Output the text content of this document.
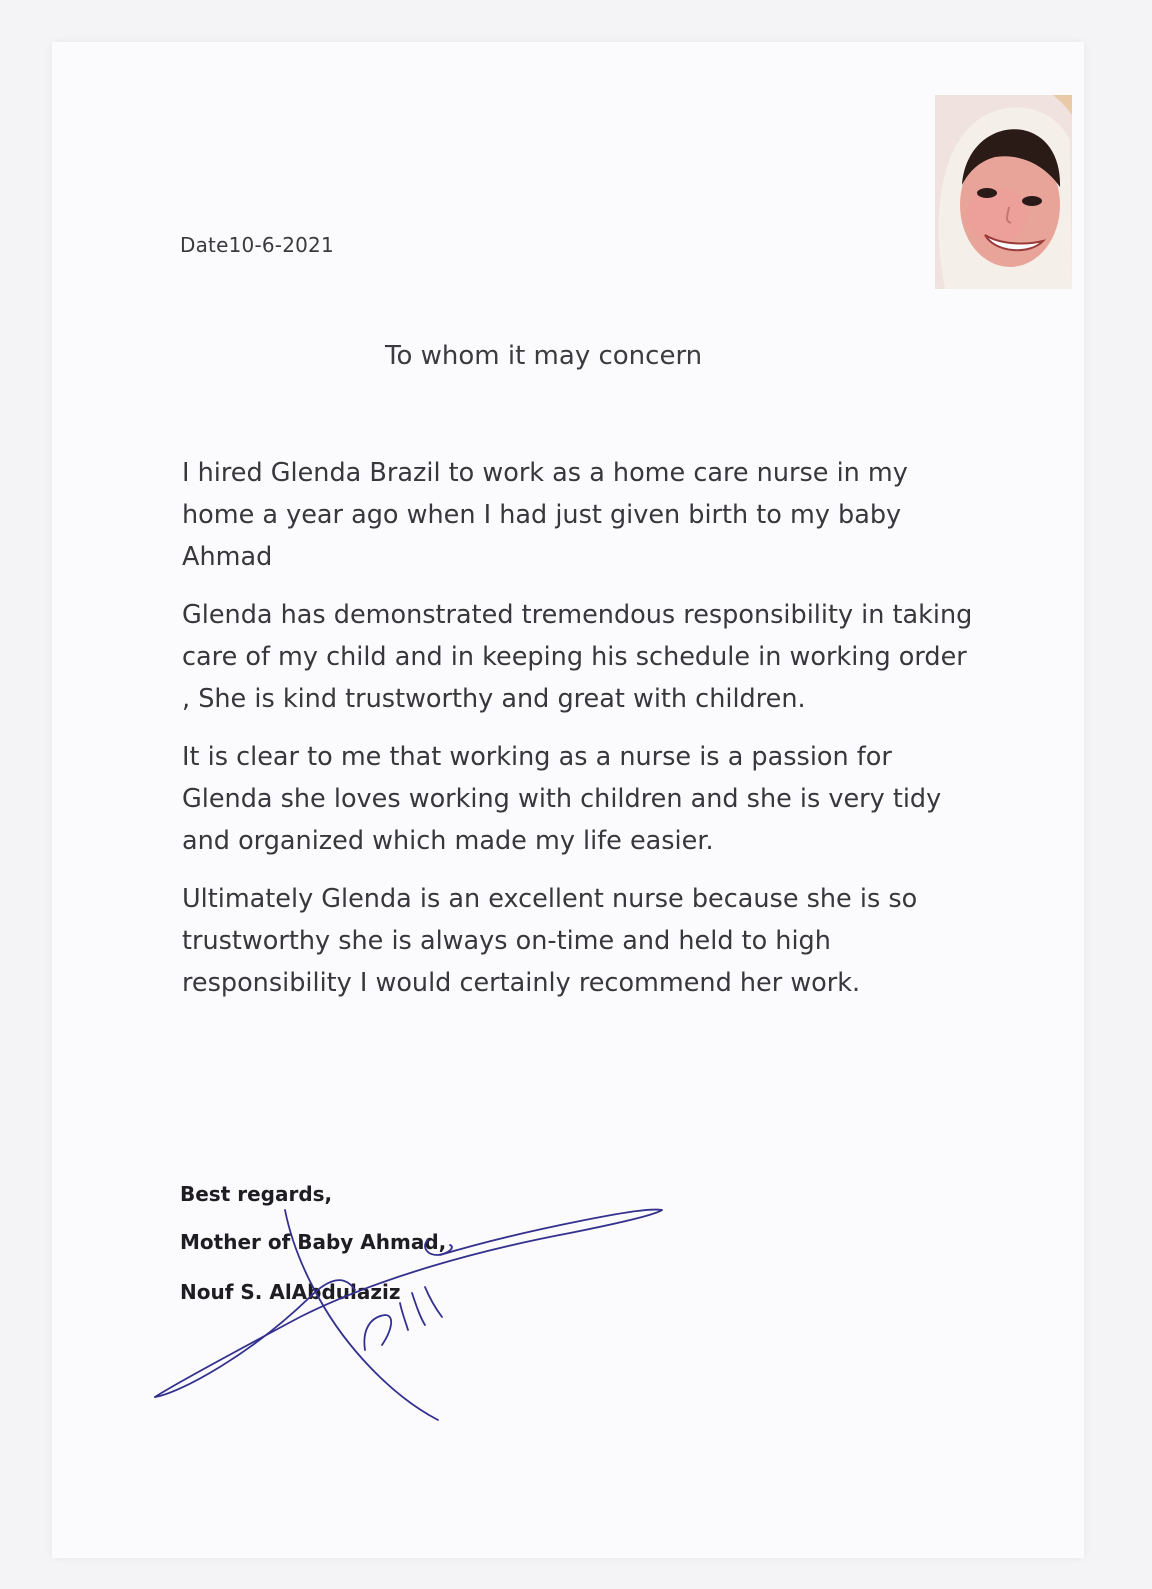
Date10-6-2021
To whom it may concern

I hired Glenda Brazil to work as a home care nurse in my home a year ago when I had just given birth to my baby Ahmad

Glenda has demonstrated tremendous responsibility in taking care of my child and in keeping his schedule in working order , She is kind trustworthy and great with children.

It is clear to me that working as a nurse is a passion for Glenda she loves working with children and she is very tidy and organized which made my life easier.

Ultimately Glenda is an excellent nurse because she is so trustworthy she is always on-time and held to high responsibility I would certainly recommend her work.

Best regards,
Mother of Baby Ahmad,
Nouf S. AlAbdulaziz
